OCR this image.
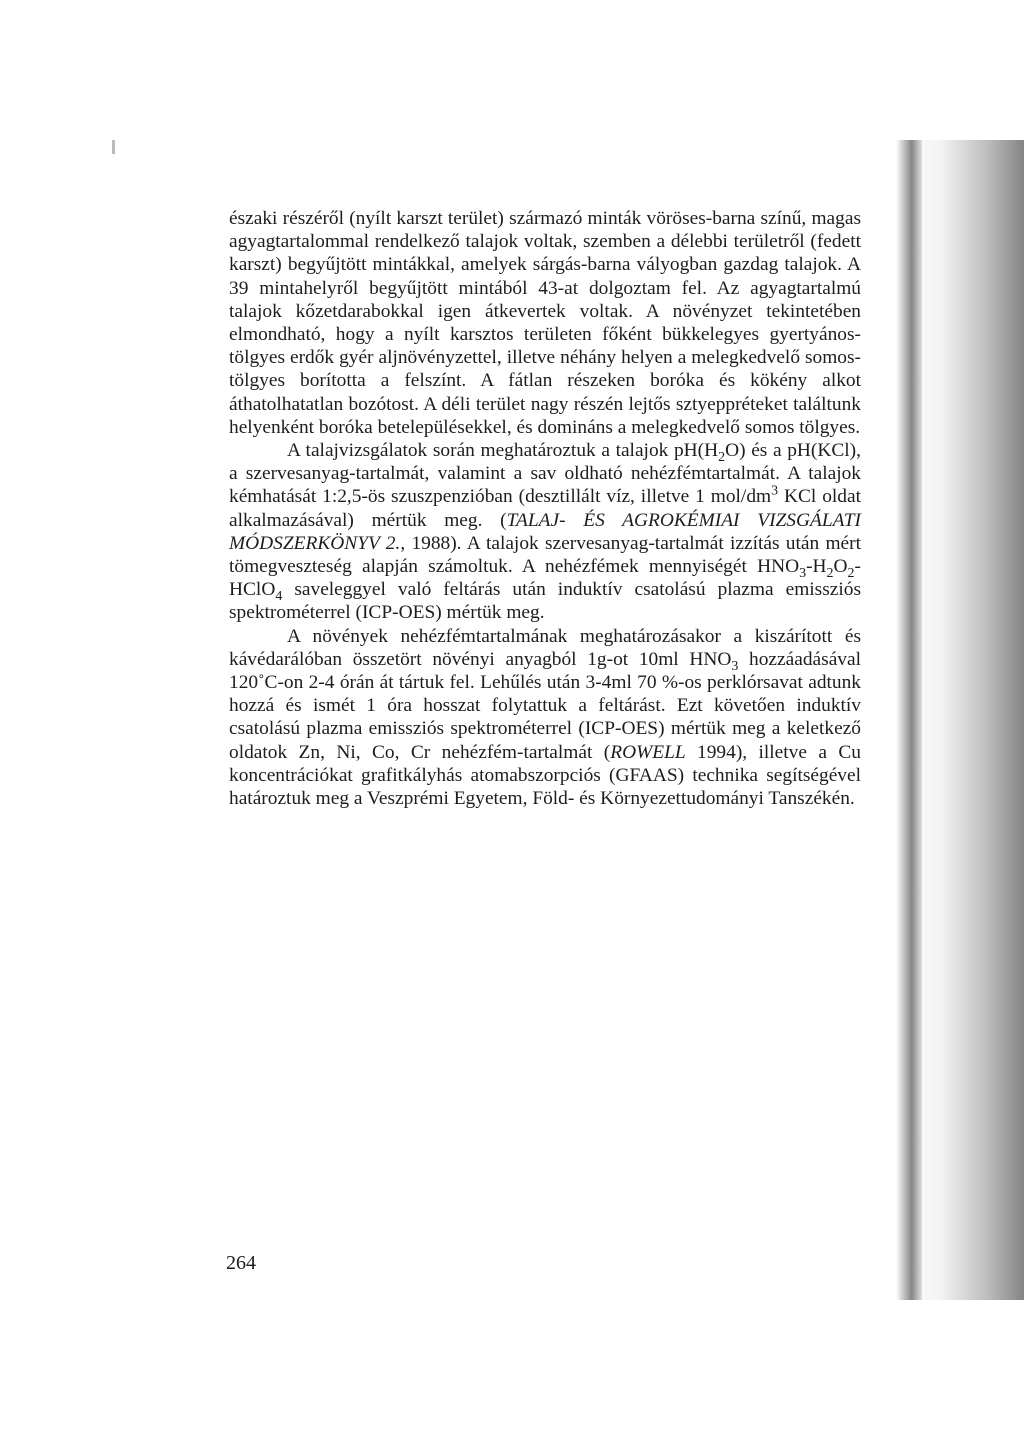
északi részéről (nyílt karszt terület) származó minták vöröses-barna színű, magas agyagtartalommal rendelkező talajok voltak, szemben a délebbi területről (fedett karszt) begyűjtött mintákkal, amelyek sárgás-barna vályogban gazdag talajok. A 39 mintahelyről begyűjtött mintából 43-at dolgoztam fel. Az agyagtartalmú talajok kőzetdarabokkal igen átkevertek voltak. A növényzet tekintetében elmondható, hogy a nyílt karsztos területen főként bükkelegyes gyertyános-tölgyes erdők gyér aljnövényzettel, illetve néhány helyen a melegkedvelő somos-tölgyes borította a felszínt. A fátlan részeken boróka és kökény alkot áthatolhatatlan bozótost. A déli terület nagy részén lejtős sztyeppréteket találtunk helyenként boróka betelepülésekkel, és domináns a melegkedvelő somos tölgyes.

A talajvizsgálatok során meghatároztuk a talajok $pH(H_2O)$ és a pH(KCl), a szervesanyag-tartalmát, valamint a sav oldható nehézfémtartalmát. A talajok kémhatását 1:2,5-ös szuszpenzióban (desztillált víz, illetve 1 mol/$dm^3$ KCl oldat alkalmazásával) mértük meg. (TALAJ- ÉS AGROKÉMIAI VIZSGÁLATI MÓDSZERKÖNYV 2., 1988). A talajok szervesanyag-tartalmát izzítás után mért tömegveszteség alapján számoltuk. A nehézfémek mennyiségét $HNO_3-H_2O_2-HClO_4$ saveleggyel való feltárás után induktív csatolású plazma emissziós spektrométerrel (ICP-OES) mértük meg.

A növények nehézfémtartalmának meghatározásakor a kiszárított és kávédarálóban összetört növényi anyagból 1g-ot 10ml $HNO_3$ hozzáadásával 120˚C-on 2-4 órán át tártuk fel. Lehűlés után 3-4ml 70 %-os perklórsavat adtunk hozzá és ismét 1 óra hosszat folytattuk a feltárást. Ezt követően induktív csatolású plazma emissziós spektrométerrel (ICP-OES) mértük meg a keletkező oldatok Zn, Ni, Co, Cr nehézfém-tartalmát (ROWELL 1994), illetve a Cu koncentrációkat grafitkályhás atomabszorpciós (GFAAS) technika segítségével határoztuk meg a Veszprémi Egyetem, Föld- és Környezettudományi Tanszékén.

264
